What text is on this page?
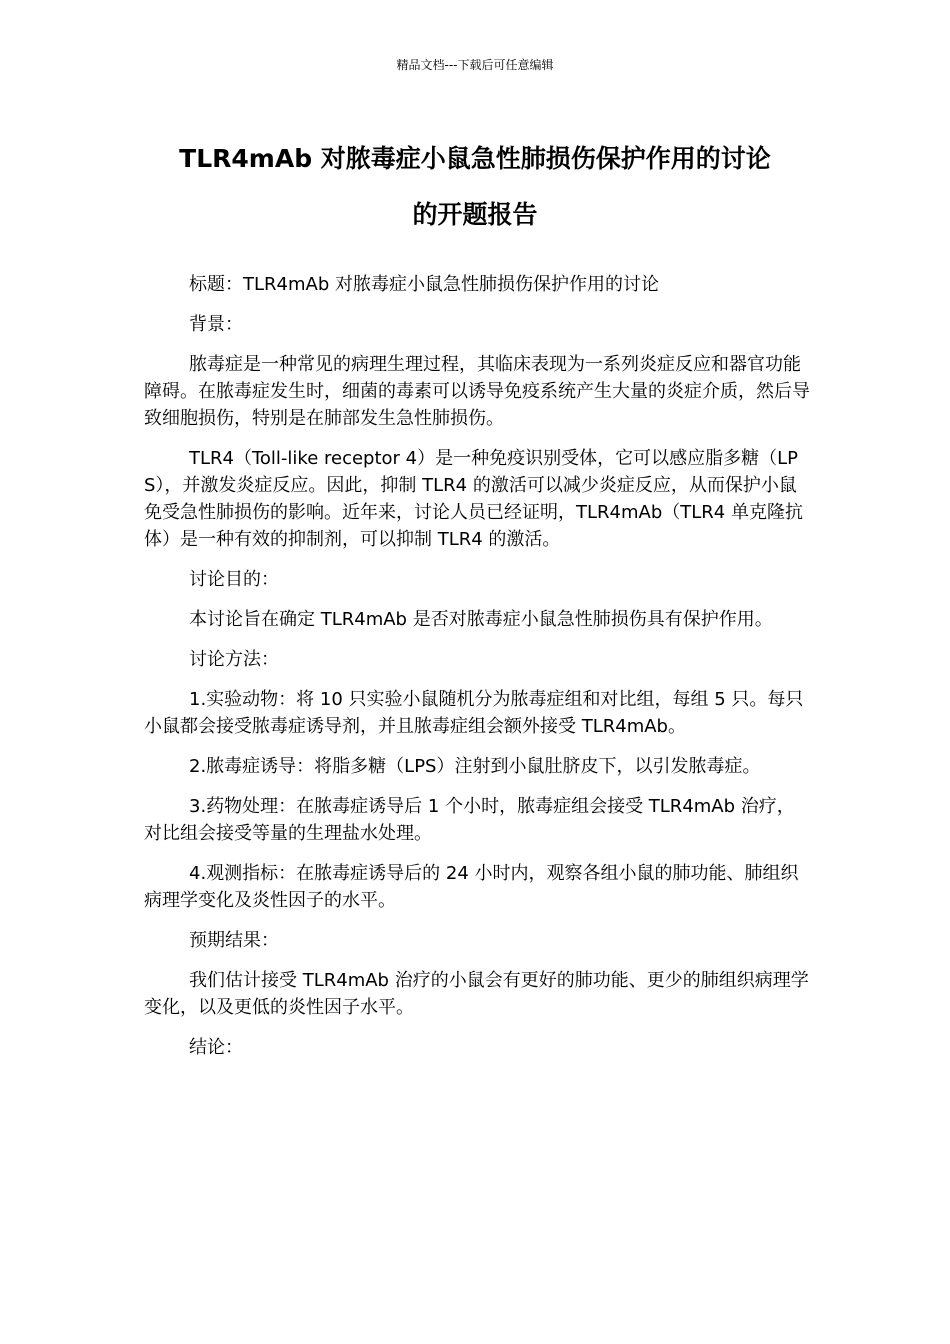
精品文档---下载后可任意编辑
TLR4mAb 对脓毒症小鼠急性肺损伤保护作用的讨论
的开题报告

标题：TLR4mAb 对脓毒症小鼠急性肺损伤保护作用的讨论

背景：

脓毒症是一种常见的病理生理过程，其临床表现为一系列炎症反应和器官功能障碍。在脓毒症发生时，细菌的毒素可以诱导免疫系统产生大量的炎症介质，然后导致细胞损伤，特别是在肺部发生急性肺损伤。

TLR4（Toll-like receptor 4）是一种免疫识别受体，它可以感应脂多糖（LPS），并激发炎症反应。因此，抑制 TLR4 的激活可以减少炎症反应，从而保护小鼠免受急性肺损伤的影响。近年来，讨论人员已经证明，TLR4mAb（TLR4 单克隆抗体）是一种有效的抑制剂，可以抑制 TLR4 的激活。

讨论目的：

本讨论旨在确定 TLR4mAb 是否对脓毒症小鼠急性肺损伤具有保护作用。

讨论方法：

1.实验动物：将 10 只实验小鼠随机分为脓毒症组和对比组，每组 5 只。每只小鼠都会接受脓毒症诱导剂，并且脓毒症组会额外接受 TLR4mAb。

2.脓毒症诱导：将脂多糖（LPS）注射到小鼠肚脐皮下，以引发脓毒症。

3.药物处理：在脓毒症诱导后 1 个小时，脓毒症组会接受 TLR4mAb 治疗，对比组会接受等量的生理盐水处理。

4.观测指标：在脓毒症诱导后的 24 小时内，观察各组小鼠的肺功能、肺组织病理学变化及炎性因子的水平。

预期结果：

我们估计接受 TLR4mAb 治疗的小鼠会有更好的肺功能、更少的肺组织病理学变化，以及更低的炎性因子水平。

结论：
